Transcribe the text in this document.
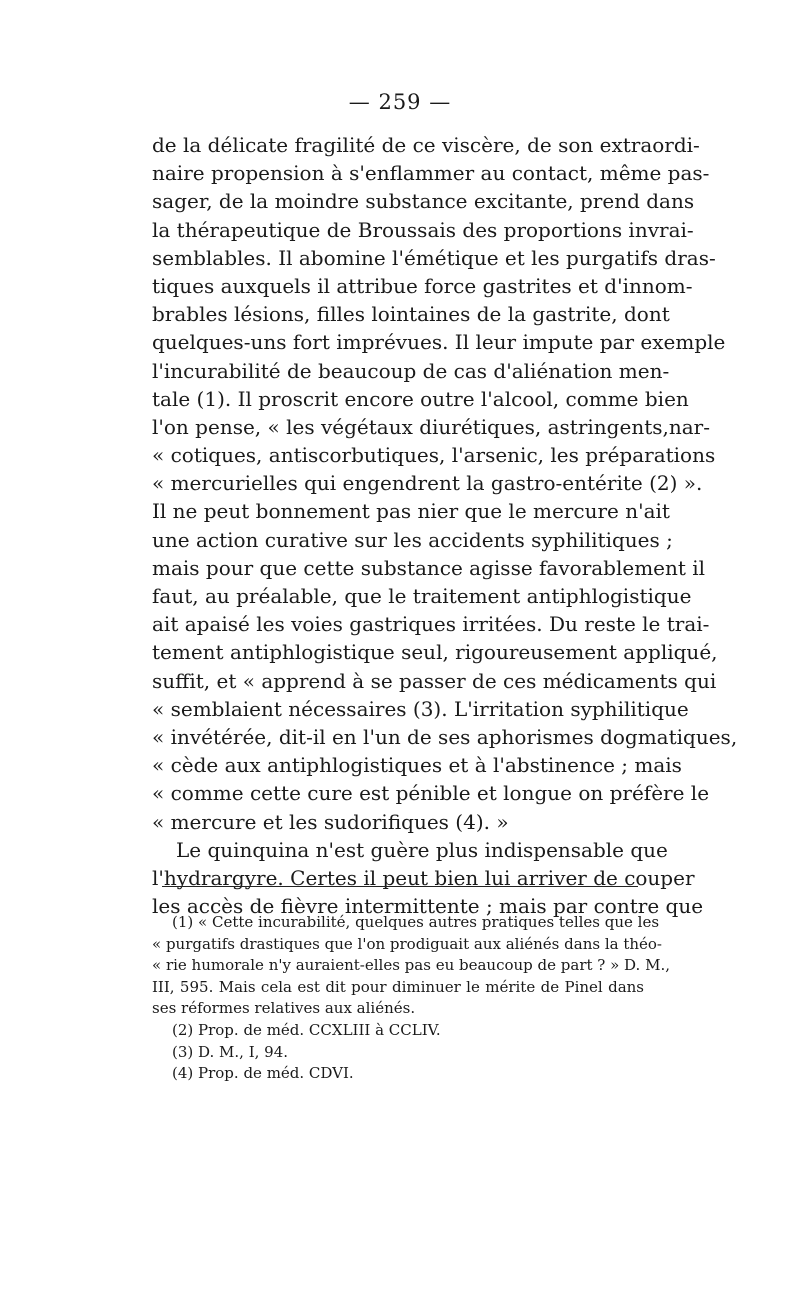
— 259 —
de la délicate fragilité de ce viscère, de son extraordi-
naire propension à s'enflammer au contact, même pas-
sager, de la moindre substance excitante, prend dans
la thérapeutique de Broussais des proportions invrai-
semblables. Il abomine l'émétique et les purgatifs dras-
tiques auxquels il attribue force gastrites et d'innom-
brables lésions, filles lointaines de la gastrite, dont
quelques-uns fort imprévues. Il leur impute par exemple
l'incurabilité de beaucoup de cas d'aliénation men-
tale (1). Il proscrit encore outre l'alcool, comme bien
l'on pense, « les végétaux diurétiques, astringents,nar-
« cotiques, antiscorbutiques, l'arsenic, les préparations
« mercurielles qui engendrent la gastro-entérite (2) ».
Il ne peut bonnement pas nier que le mercure n'ait
une action curative sur les accidents syphilitiques ;
mais pour que cette substance agisse favorablement il
faut, au préalable, que le traitement antiphlogistique
ait apaisé les voies gastriques irritées. Du reste le trai-
tement antiphlogistique seul, rigoureusement appliqué,
suffit, et « apprend à se passer de ces médicaments qui
« semblaient nécessaires (3). L'irritation syphilitique
« invétérée, dit-il en l'un de ses aphorismes dogmatiques,
« cède aux antiphlogistiques et à l'abstinence ; mais
« comme cette cure est pénible et longue on préfère le
« mercure et les sudorifiques (4). »
Le quinquina n'est guère plus indispensable que
l'hydrargyre. Certes il peut bien lui arriver de couper
les accès de fièvre intermittente ; mais par contre que
(1) « Cette incurabilité, quelques autres pratiques telles que les
« purgatifs drastiques que l'on prodiguait aux aliénés dans la théo-
« rie humorale n'y auraient-elles pas eu beaucoup de part ? » D. M.,
III, 595. Mais cela est dit pour diminuer le mérite de Pinel dans
ses réformes relatives aux aliénés.
(2) Prop. de méd. CCXLIII à CCLIV.
(3) D. M., I, 94.
(4) Prop. de méd. CDVI.
